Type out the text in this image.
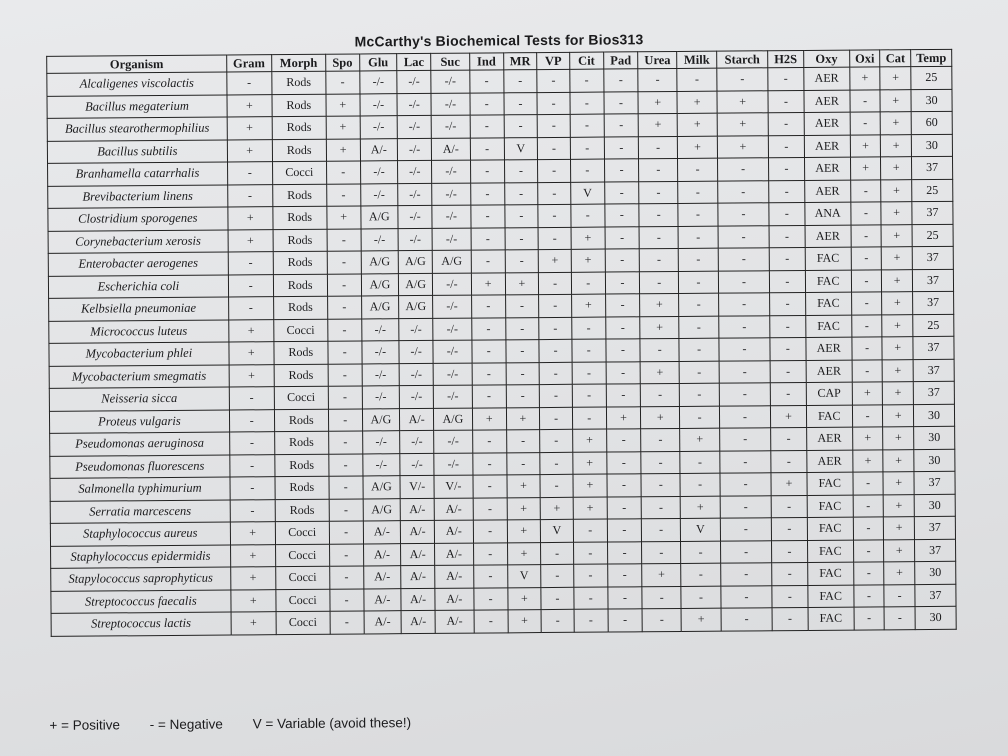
McCarthy's Biochemical Tests for Bios313
Organism	Gram	Morph	Spo	Glu	Lac	Suc	Ind	MR	VP	Cit	Pad	Urea	Milk	Starch	H2S	Oxy	Oxi	Cat	Temp
Alcaligenes viscolactis	-	Rods	-	-/-	-/-	-/-	-	-	-	-	-	-	-	-	-	AER	+	+	25
Bacillus megaterium	+	Rods	+	-/-	-/-	-/-	-	-	-	-	-	+	+	+	-	AER	-	+	30
Bacillus stearothermophilius	+	Rods	+	-/-	-/-	-/-	-	-	-	-	-	+	+	+	-	AER	-	+	60
Bacillus subtilis	+	Rods	+	A/-	-/-	A/-	-	V	-	-	-	-	+	+	-	AER	+	+	30
Branhamella catarrhalis	-	Cocci	-	-/-	-/-	-/-	-	-	-	-	-	-	-	-	-	AER	+	+	37
Brevibacterium linens	-	Rods	-	-/-	-/-	-/-	-	-	-	V	-	-	-	-	-	AER	-	+	25
Clostridium sporogenes	+	Rods	+	A/G	-/-	-/-	-	-	-	-	-	-	-	-	-	ANA	-	+	37
Corynebacterium xerosis	+	Rods	-	-/-	-/-	-/-	-	-	-	+	-	-	-	-	-	AER	-	+	25
Enterobacter aerogenes	-	Rods	-	A/G	A/G	A/G	-	-	+	+	-	-	-	-	-	FAC	-	+	37
Escherichia coli	-	Rods	-	A/G	A/G	-/-	+	+	-	-	-	-	-	-	-	FAC	-	+	37
Kelbsiella pneumoniae	-	Rods	-	A/G	A/G	-/-	-	-	-	+	-	+	-	-	-	FAC	-	+	37
Micrococcus luteus	+	Cocci	-	-/-	-/-	-/-	-	-	-	-	-	+	-	-	-	FAC	-	+	25
Mycobacterium phlei	+	Rods	-	-/-	-/-	-/-	-	-	-	-	-	-	-	-	-	AER	-	+	37
Mycobacterium smegmatis	+	Rods	-	-/-	-/-	-/-	-	-	-	-	-	+	-	-	-	AER	-	+	37
Neisseria sicca	-	Cocci	-	-/-	-/-	-/-	-	-	-	-	-	-	-	-	-	CAP	+	+	37
Proteus vulgaris	-	Rods	-	A/G	A/-	A/G	+	+	-	-	+	+	-	-	+	FAC	-	+	30
Pseudomonas aeruginosa	-	Rods	-	-/-	-/-	-/-	-	-	-	+	-	-	+	-	-	AER	+	+	30
Pseudomonas fluorescens	-	Rods	-	-/-	-/-	-/-	-	-	-	+	-	-	-	-	-	AER	+	+	30
Salmonella typhimurium	-	Rods	-	A/G	V/-	V/-	-	+	-	+	-	-	-	-	+	FAC	-	+	37
Serratia marcescens	-	Rods	-	A/G	A/-	A/-	-	+	+	+	-	-	+	-	-	FAC	-	+	30
Staphylococcus aureus	+	Cocci	-	A/-	A/-	A/-	-	+	V	-	-	-	V	-	-	FAC	-	+	37
Staphylococcus epidermidis	+	Cocci	-	A/-	A/-	A/-	-	+	-	-	-	-	-	-	-	FAC	-	+	37
Stapylococcus saprophyticus	+	Cocci	-	A/-	A/-	A/-	-	V	-	-	-	+	-	-	-	FAC	-	+	30
Streptococcus faecalis	+	Cocci	-	A/-	A/-	A/-	-	+	-	-	-	-	-	-	-	FAC	-	-	37
Streptococcus lactis	+	Cocci	-	A/-	A/-	A/-	-	+	-	-	-	-	+	-	-	FAC	-	-	30
+ = Positive - = Negative V = Variable (avoid these!)
